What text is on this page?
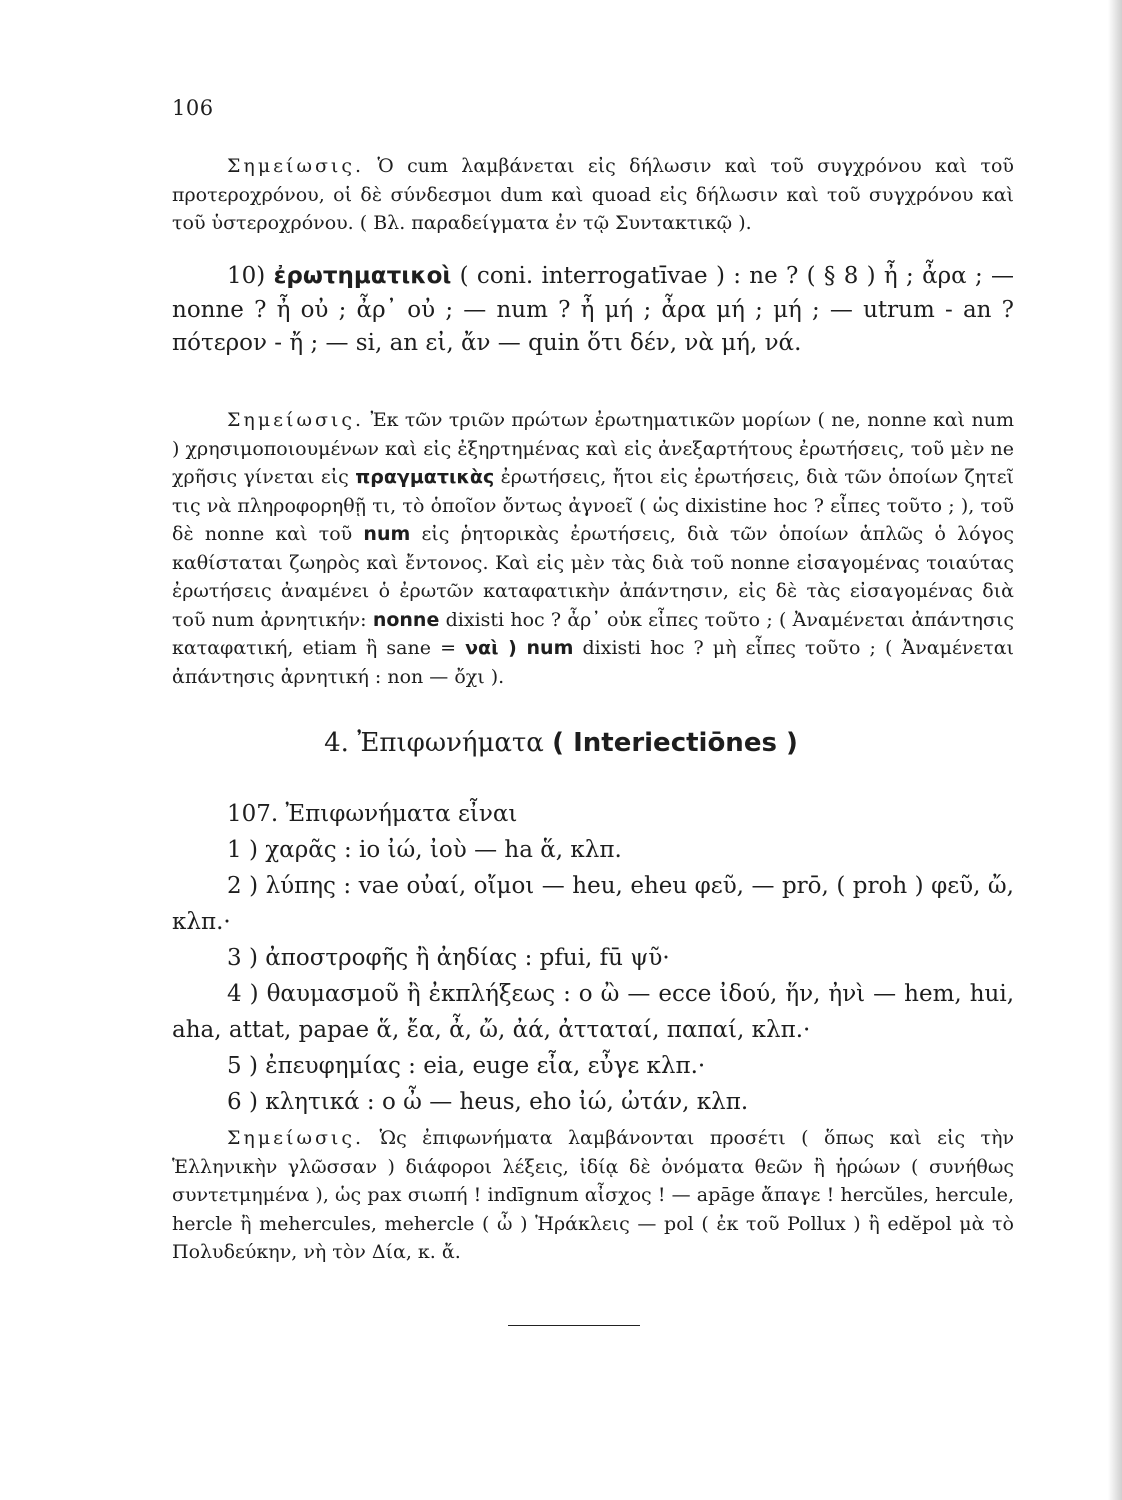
106

Σημείωσις. Ὁ cum λαμβάνεται εἰς δήλωσιν καὶ τοῦ συγχρόνου καὶ τοῦ προτεροχρόνου, οἱ δὲ σύνδεσμοι dum καὶ quoad εἰς δήλωσιν καὶ τοῦ συγχρόνου καὶ τοῦ ὑστεροχρόνου. ( Βλ. παραδείγματα ἐν τῷ Συντακτικῷ ).

10) ἐρωτηματικοὶ ( coni. interrogatīvae ) : ne ? ( § 8 ) ἦ ; ἆρα ; — nonne ? ἦ οὐ ; ἆρ᾽ οὐ ; — num ? ἦ μή ; ἆρα μή ; μή ; — utrum - an ? πότερον - ἤ ; — si, an εἰ, ἄν — quin ὅτι δέν, νὰ μή, νά.

Σημείωσις. Ἐκ τῶν τριῶν πρώτων ἐρωτηματικῶν μορίων ( ne, nonne καὶ num ) χρησιμοποιουμένων καὶ εἰς ἐξηρτημένας καὶ εἰς ἀνεξαρτήτους ἐρωτήσεις, τοῦ μὲν ne χρῆσις γίνεται εἰς πραγματικὰς ἐρωτήσεις, ἤτοι εἰς ἐρωτήσεις, διὰ τῶν ὁποίων ζητεῖ τις νὰ πληροφορηθῇ τι, τὸ ὁποῖον ὄντως ἀγνοεῖ ( ὡς dixistine hoc ? εἶπες τοῦτο ; ), τοῦ δὲ nonne καὶ τοῦ num εἰς ῥητορικὰς ἐρωτήσεις, διὰ τῶν ὁποίων ἁπλῶς ὁ λόγος καθίσταται ζωηρὸς καὶ ἔντονος. Καὶ εἰς μὲν τὰς διὰ τοῦ nonne εἰσαγομένας τοιαύτας ἐρωτήσεις ἀναμένει ὁ ἐρωτῶν καταφατικὴν ἀπάντησιν, εἰς δὲ τὰς εἰσαγομένας διὰ τοῦ num ἀρνητικήν: nonne dixisti hoc ? ἆρ᾽ οὐκ εἶπες τοῦτο ; ( Ἀναμένεται ἀπάντησις καταφατική, etiam ἢ sane = ναὶ ) num dixisti hoc ? μὴ εἶπες τοῦτο ; ( Ἀναμένεται ἀπάντησις ἀρνητική : non — ὄχι ).

4. Ἐπιφωνήματα ( Interiectiōnes )

107. Ἐπιφωνήματα εἶναι

1 ) χαρᾶς : io ἰώ, ἰοὺ — ha ἅ, κλπ.

2 ) λύπης : vae οὐαί, οἴμοι — heu, eheu φεῦ, — prō, ( proh ) φεῦ, ὤ, κλπ.·

3 ) ἀποστροφῆς ἢ ἀηδίας : pfui, fū ψῦ·

4 ) θαυμασμοῦ ἢ ἐκπλήξεως : o ὢ — ecce ἰδού, ἥν, ἠνὶ — hem, hui, aha, attat, papae ἅ, ἔα, ἆ, ὤ, ἀά, ἀτταταί, παπαί, κλπ.·

5 ) ἐπευφημίας : eia, euge εἶα, εὖγε κλπ.·

6 ) κλητικά : o ὦ — heus, eho ἰώ, ὠτάν, κλπ.

Σημείωσις. Ὡς ἐπιφωνήματα λαμβάνονται προσέτι ( ὅπως καὶ εἰς τὴν Ἑλληνικὴν γλῶσσαν ) διάφοροι λέξεις, ἰδίᾳ δὲ ὀνόματα θεῶν ἢ ἡρώων ( συνήθως συντετμημένα ), ὡς pax σιωπή ! indīgnum αἶσχος ! — apāge ἄπαγε ! hercŭles, hercule, hercle ἢ mehercules, mehercle ( ὦ ) Ἡράκλεις — pol ( ἐκ τοῦ Pollux ) ἢ edĕpol μὰ τὸ Πολυδεύκην, νὴ τὸν Δία, κ. ἄ.
